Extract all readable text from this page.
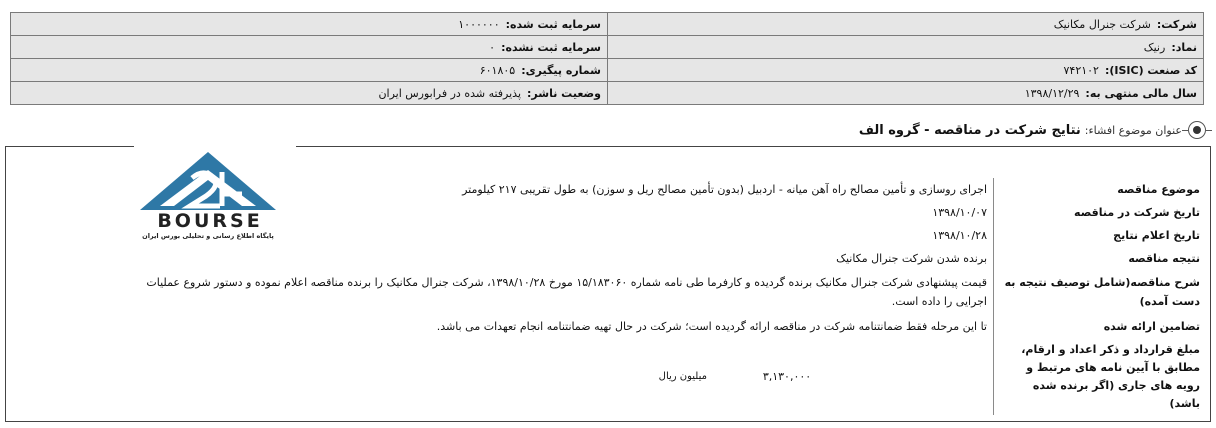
شرکت:شرکت جنرال مکانیک	سرمایه ثبت شده:۱۰۰۰۰۰۰
نماد:رنیک	سرمایه ثبت نشده:۰
کد صنعت (ISIC):۷۴۲۱۰۲	شماره پیگیری:۶۰۱۸۰۵
سال مالی منتهی به:۱۳۹۸/۱۲/۲۹	وضعیت ناشر:پذیرفته شده در فرابورس ایران
عنوان موضوع افشاء:
نتایج شرکت در مناقصه - گروه الف
BOURSE
پایگاه اطلاع رسانی و تحلیلی بورس ایران
موضوع مناقصه	اجرای روسازی و تأمین مصالح راه آهن میانه - اردبیل (بدون تأمین مصالح ریل و سوزن) به طول تقریبی ۲۱۷ کیلومتر
تاریخ شرکت در مناقصه	۱۳۹۸/۱۰/۰۷
تاریخ اعلام نتایج	۱۳۹۸/۱۰/۲۸
نتیجه مناقصه	برنده شدن شرکت جنرال مکانیک
شرح مناقصه(شامل توصیف نتیجه به دست آمده)	قیمت پیشنهادی شرکت جنرال مکانیک برنده گردیده و کارفرما طی نامه شماره ۱۵/۱۸۳۰۶۰ مورخ ۱۳۹۸/۱۰/۲۸، شرکت جنرال مکانیک را برنده مناقصه اعلام نموده و دستور شروع عملیات اجرایی را داده است.
تضامین ارائه شده	تا این مرحله فقط ضمانتنامه شرکت در مناقصه ارائه گردیده است؛ شرکت در حال تهیه ضمانتنامه انجام تعهدات می باشد.
مبلغ قرارداد و ذکر اعداد و ارقام، مطابق با آیین نامه های مرتبط و رویه های جاری (اگر برنده شده باشد)	۳,۱۳۰,۰۰۰
میلیون ریال
